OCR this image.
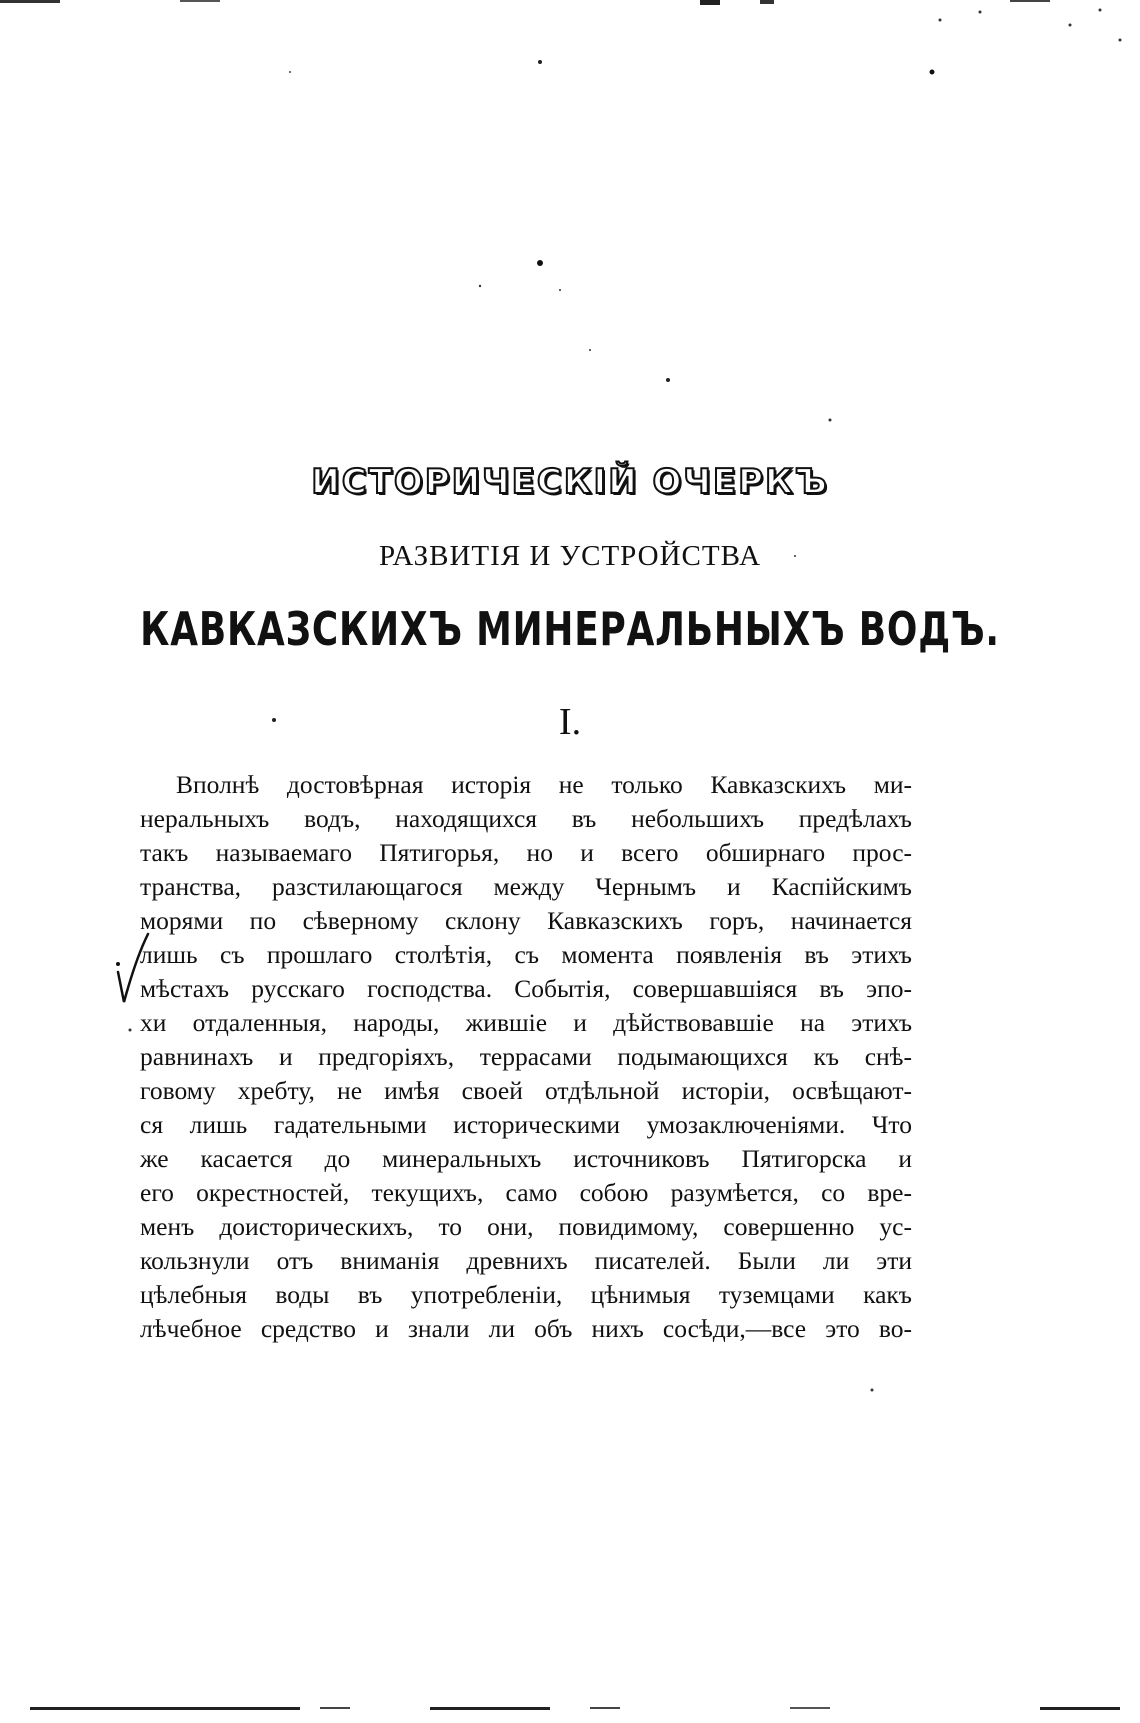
ИСТОРИЧЕСКІЙ ОЧЕРКЪ
РАЗВИТІЯ И УСТРОЙСТВА
КАВКАЗСКИХЪ МИНЕРАЛЬНЫХЪ ВОДЪ.
I.
Вполнѣ достовѣрная исторія не только Кавказскихъ ми-
неральныхъ водъ, находящихся въ небольшихъ предѣлахъ
такъ называемаго Пятигорья, но и всего обширнаго прос-
транства, разстилающагося между Чернымъ и Каспійскимъ
морями по сѣверному склону Кавказскихъ горъ, начинается
лишь съ прошлаго столѣтія, съ момента появленія въ этихъ
мѣстахъ русскаго господства. Событія, совершавшіяся въ эпо-
хи отдаленныя, народы, жившіе и дѣйствовавшіе на этихъ
равнинахъ и предгоріяхъ, террасами подымающихся къ снѣ-
говому хребту, не имѣя своей отдѣльной исторіи, освѣщают-
ся лишь гадательными историческими умозаключеніями. Что
же касается до минеральныхъ источниковъ Пятигорска и
его окрестностей, текущихъ, само собою разумѣется, со вре-
менъ доисторическихъ, то они, повидимому, совершенно ус-
кользнули отъ вниманія древнихъ писателей. Были ли эти
цѣлебныя воды въ употребленіи, цѣнимыя туземцами какъ
лѣчебное средство и знали ли объ нихъ сосѣди,—все это во-
